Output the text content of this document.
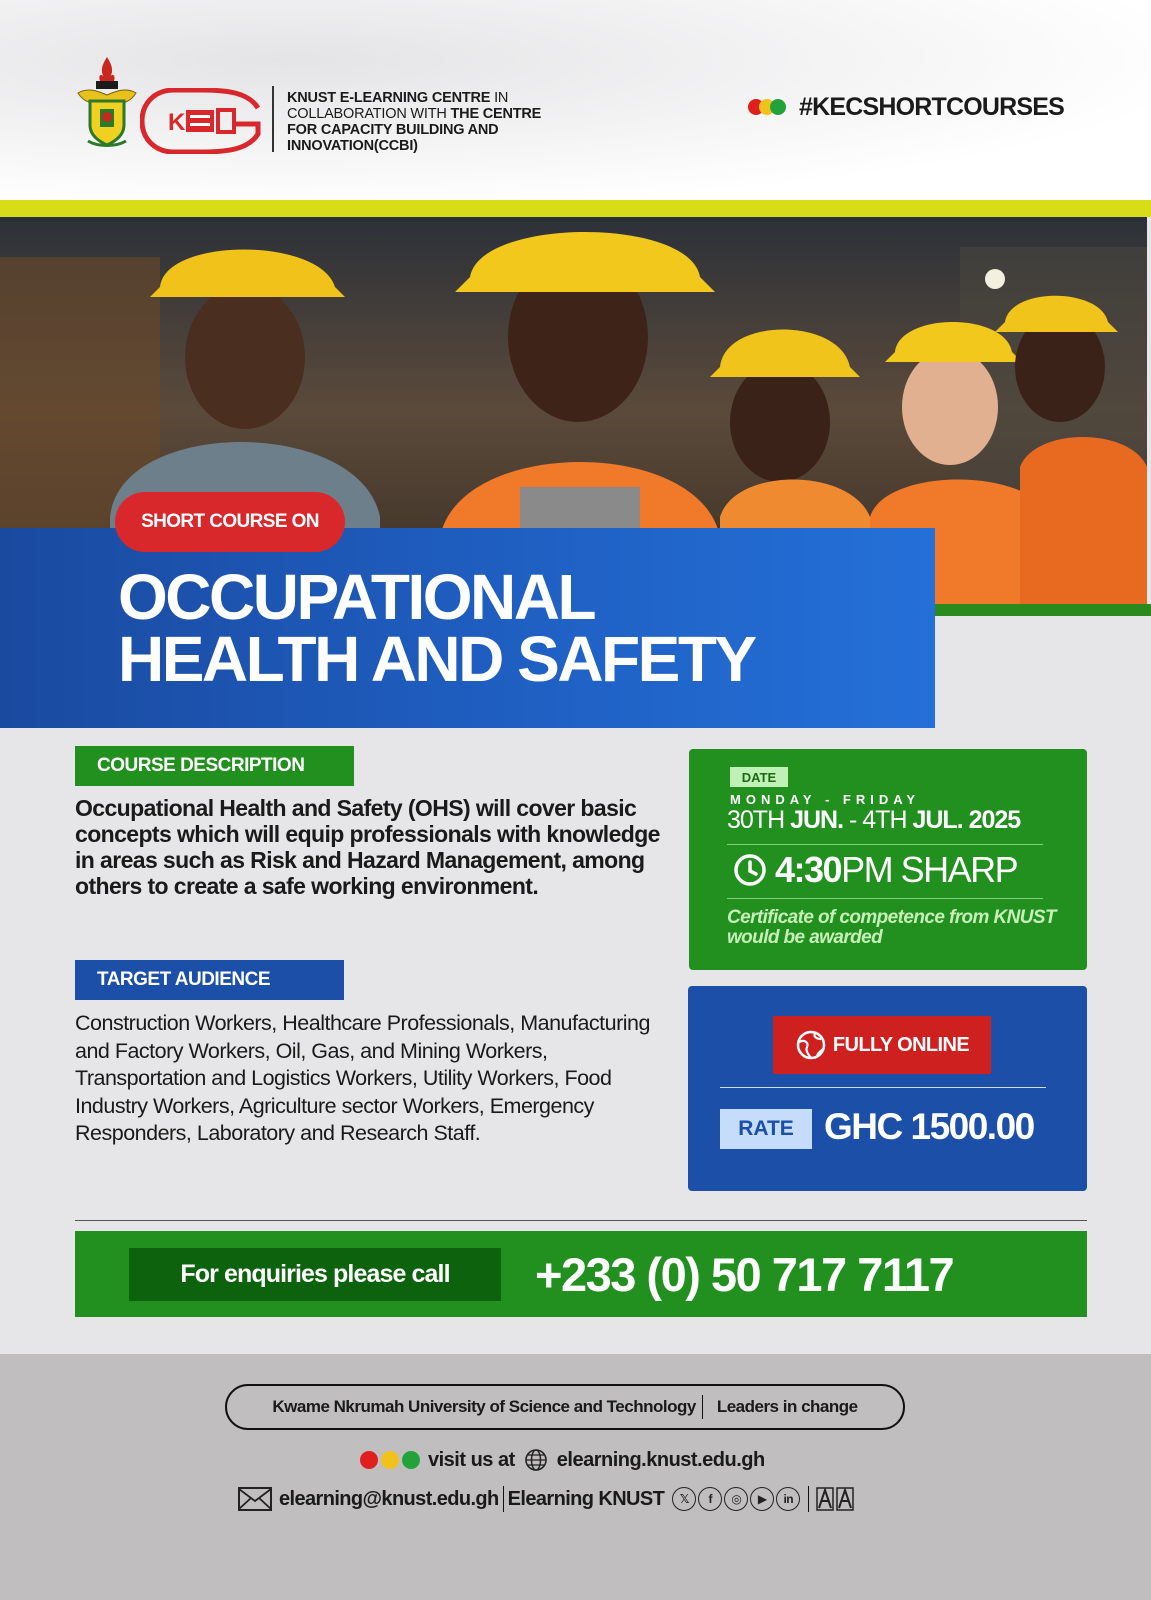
K
KNUST E-LEARNING CENTRE IN
COLLABORATION WITH THE CENTRE
FOR CAPACITY BUILDING AND
INNOVATION(CCBI)
#KECSHORTCOURSES
SHORT COURSE ON
OCCUPATIONAL
HEALTH AND SAFETY
COURSE DESCRIPTION
Occupational Health and Safety (OHS) will cover basic concepts which will equip professionals with knowledge in areas such as Risk and Hazard Management, among others to create a safe working environment.
TARGET AUDIENCE
Construction Workers, Healthcare Professionals, Manufacturing and Factory Workers, Oil, Gas, and Mining Workers, Transportation and Logistics Workers, Utility Workers, Food Industry Workers, Agriculture sector Workers, Emergency Responders, Laboratory and Research Staff.
DATE
MONDAY - FRIDAY
30TH JUN. - 4TH JUL. 2025
4:30 PM SHARP
Certificate of competence from KNUST would be awarded
FULLY ONLINE
RATE GHC 1500.00
For enquiries please call	+233 (0) 50 717 7117
Kwame Nkrumah University of Science and Technology Leaders in change
visit us at elearning.knust.edu.gh
elearning@knust.edu.gh Elearning KNUST	𝕏	f	◎	▶	in
